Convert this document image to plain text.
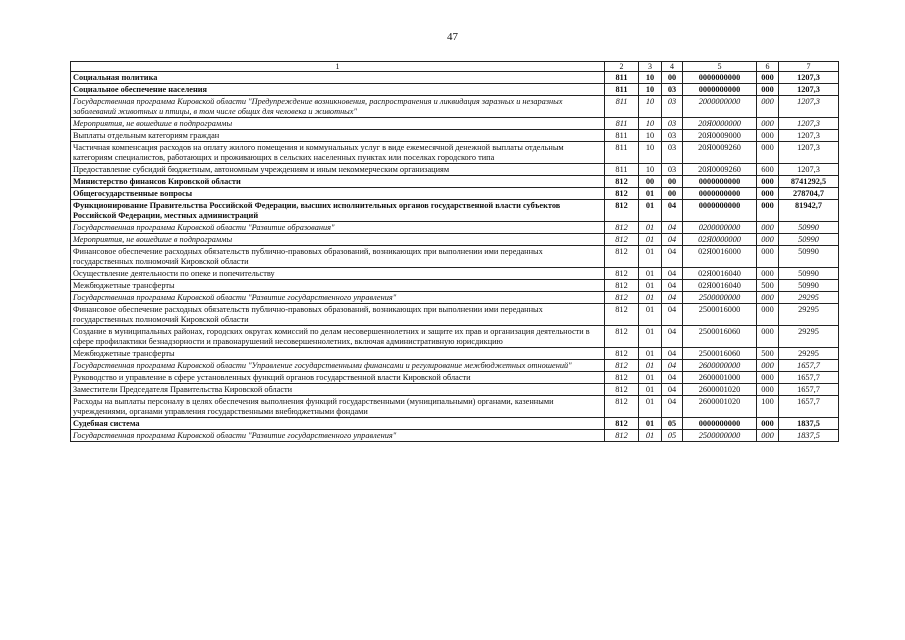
47
1	2	3	4	5	6	7
Социальная политика	811	10	00	0000000000	000	1207,3
Социальное обеспечение населения	811	10	03	0000000000	000	1207,3
Государственная программа Кировской области "Предупреждение возникновения, распространения и ликвидация заразных и незаразных заболеваний животных и птицы, в том числе общих для человека и животных"	811	10	03	2000000000	000	1207,3
Мероприятия, не вошедшие в подпрограммы	811	10	03	20Я0000000	000	1207,3
Выплаты отдельным категориям граждан	811	10	03	20Я0009000	000	1207,3
Частичная компенсация расходов на оплату жилого помещения и коммунальных услуг в виде ежемесячной денежной выплаты отдельным категориям специалистов, работающих и проживающих в сельских населенных пунктах или поселках городского типа	811	10	03	20Я0009260	000	1207,3
Предоставление субсидий бюджетным, автономным учреждениям и иным некоммерческим организациям	811	10	03	20Я0009260	600	1207,3
Министерство финансов Кировской области	812	00	00	0000000000	000	8741292,5
Общегосударственные вопросы	812	01	00	0000000000	000	278704,7
Функционирование Правительства Российской Федерации, высших исполнительных органов государственной власти субъектов Российской Федерации, местных администраций	812	01	04	0000000000	000	81942,7
Государственная программа Кировской области "Развитие образования"	812	01	04	0200000000	000	50990
Мероприятия, не вошедшие в подпрограммы	812	01	04	02Я0000000	000	50990
Финансовое обеспечение расходных обязательств публично-правовых образований, возникающих при выполнении ими переданных государственных полномочий Кировской области	812	01	04	02Я0016000	000	50990
Осуществление деятельности по опеке и попечительству	812	01	04	02Я0016040	000	50990
Межбюджетные трансферты	812	01	04	02Я0016040	500	50990
Государственная программа Кировской области "Развитие государственного управления"	812	01	04	2500000000	000	29295
Финансовое обеспечение расходных обязательств публично-правовых образований, возникающих при выполнении ими переданных государственных полномочий Кировской области	812	01	04	2500016000	000	29295
Создание в муниципальных районах, городских округах комиссий по делам несовершеннолетних и защите их прав и организация деятельности в сфере профилактики безнадзорности и правонарушений несовершеннолетних, включая административную юрисдикцию	812	01	04	2500016060	000	29295
Межбюджетные трансферты	812	01	04	2500016060	500	29295
Государственная программа Кировской области "Управление государственными финансами и регулирование межбюджетных отношений"	812	01	04	2600000000	000	1657,7
Руководство и управление в сфере установленных функций органов государственной власти Кировской области	812	01	04	2600001000	000	1657,7
Заместители Председателя Правительства Кировской области	812	01	04	2600001020	000	1657,7
Расходы на выплаты персоналу в целях обеспечения выполнения функций государственными (муниципальными) органами, казенными учреждениями, органами управления государственными внебюджетными фондами	812	01	04	2600001020	100	1657,7
Судебная система	812	01	05	0000000000	000	1837,5
Государственная программа Кировской области "Развитие государственного управления"	812	01	05	2500000000	000	1837,5
